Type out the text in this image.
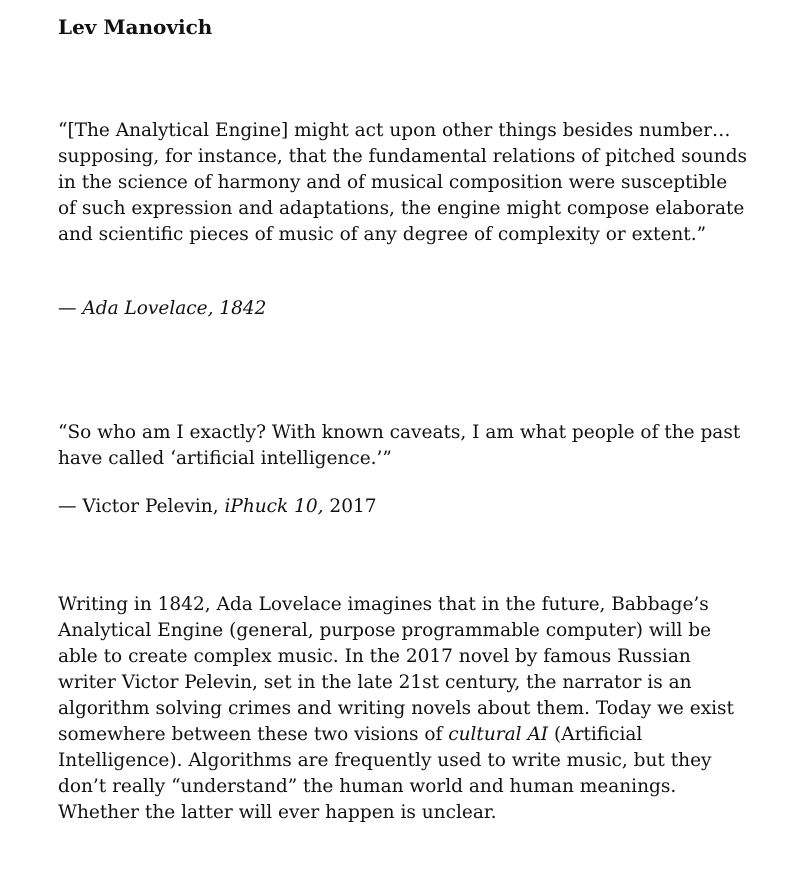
Lev Manovich

“[The Analytical Engine] might act upon other things besides number…supposing, for instance, that the fundamental relations of pitched sounds in the science of harmony and of musical composition were susceptible of such expression and adaptations, the engine might compose elaborate and scientific pieces of music of any degree of complexity or extent.”

— Ada Lovelace, 1842

“So who am I exactly? With known caveats, I am what people of the past have called ‘artificial intelligence.’”

— Victor Pelevin, iPhuck 10, 2017

Writing in 1842, Ada Lovelace imagines that in the future, Babbage’s Analytical Engine (general, purpose programmable computer) will be able to create complex music. In the 2017 novel by famous Russian writer Victor Pelevin, set in the late 21st century, the narrator is an algorithm solving crimes and writing novels about them. Today we exist somewhere between these two visions of cultural AI (Artificial Intelligence). Algorithms are frequently used to write music, but they don’t really “understand” the human world and human meanings. Whether the latter will ever happen is unclear.
